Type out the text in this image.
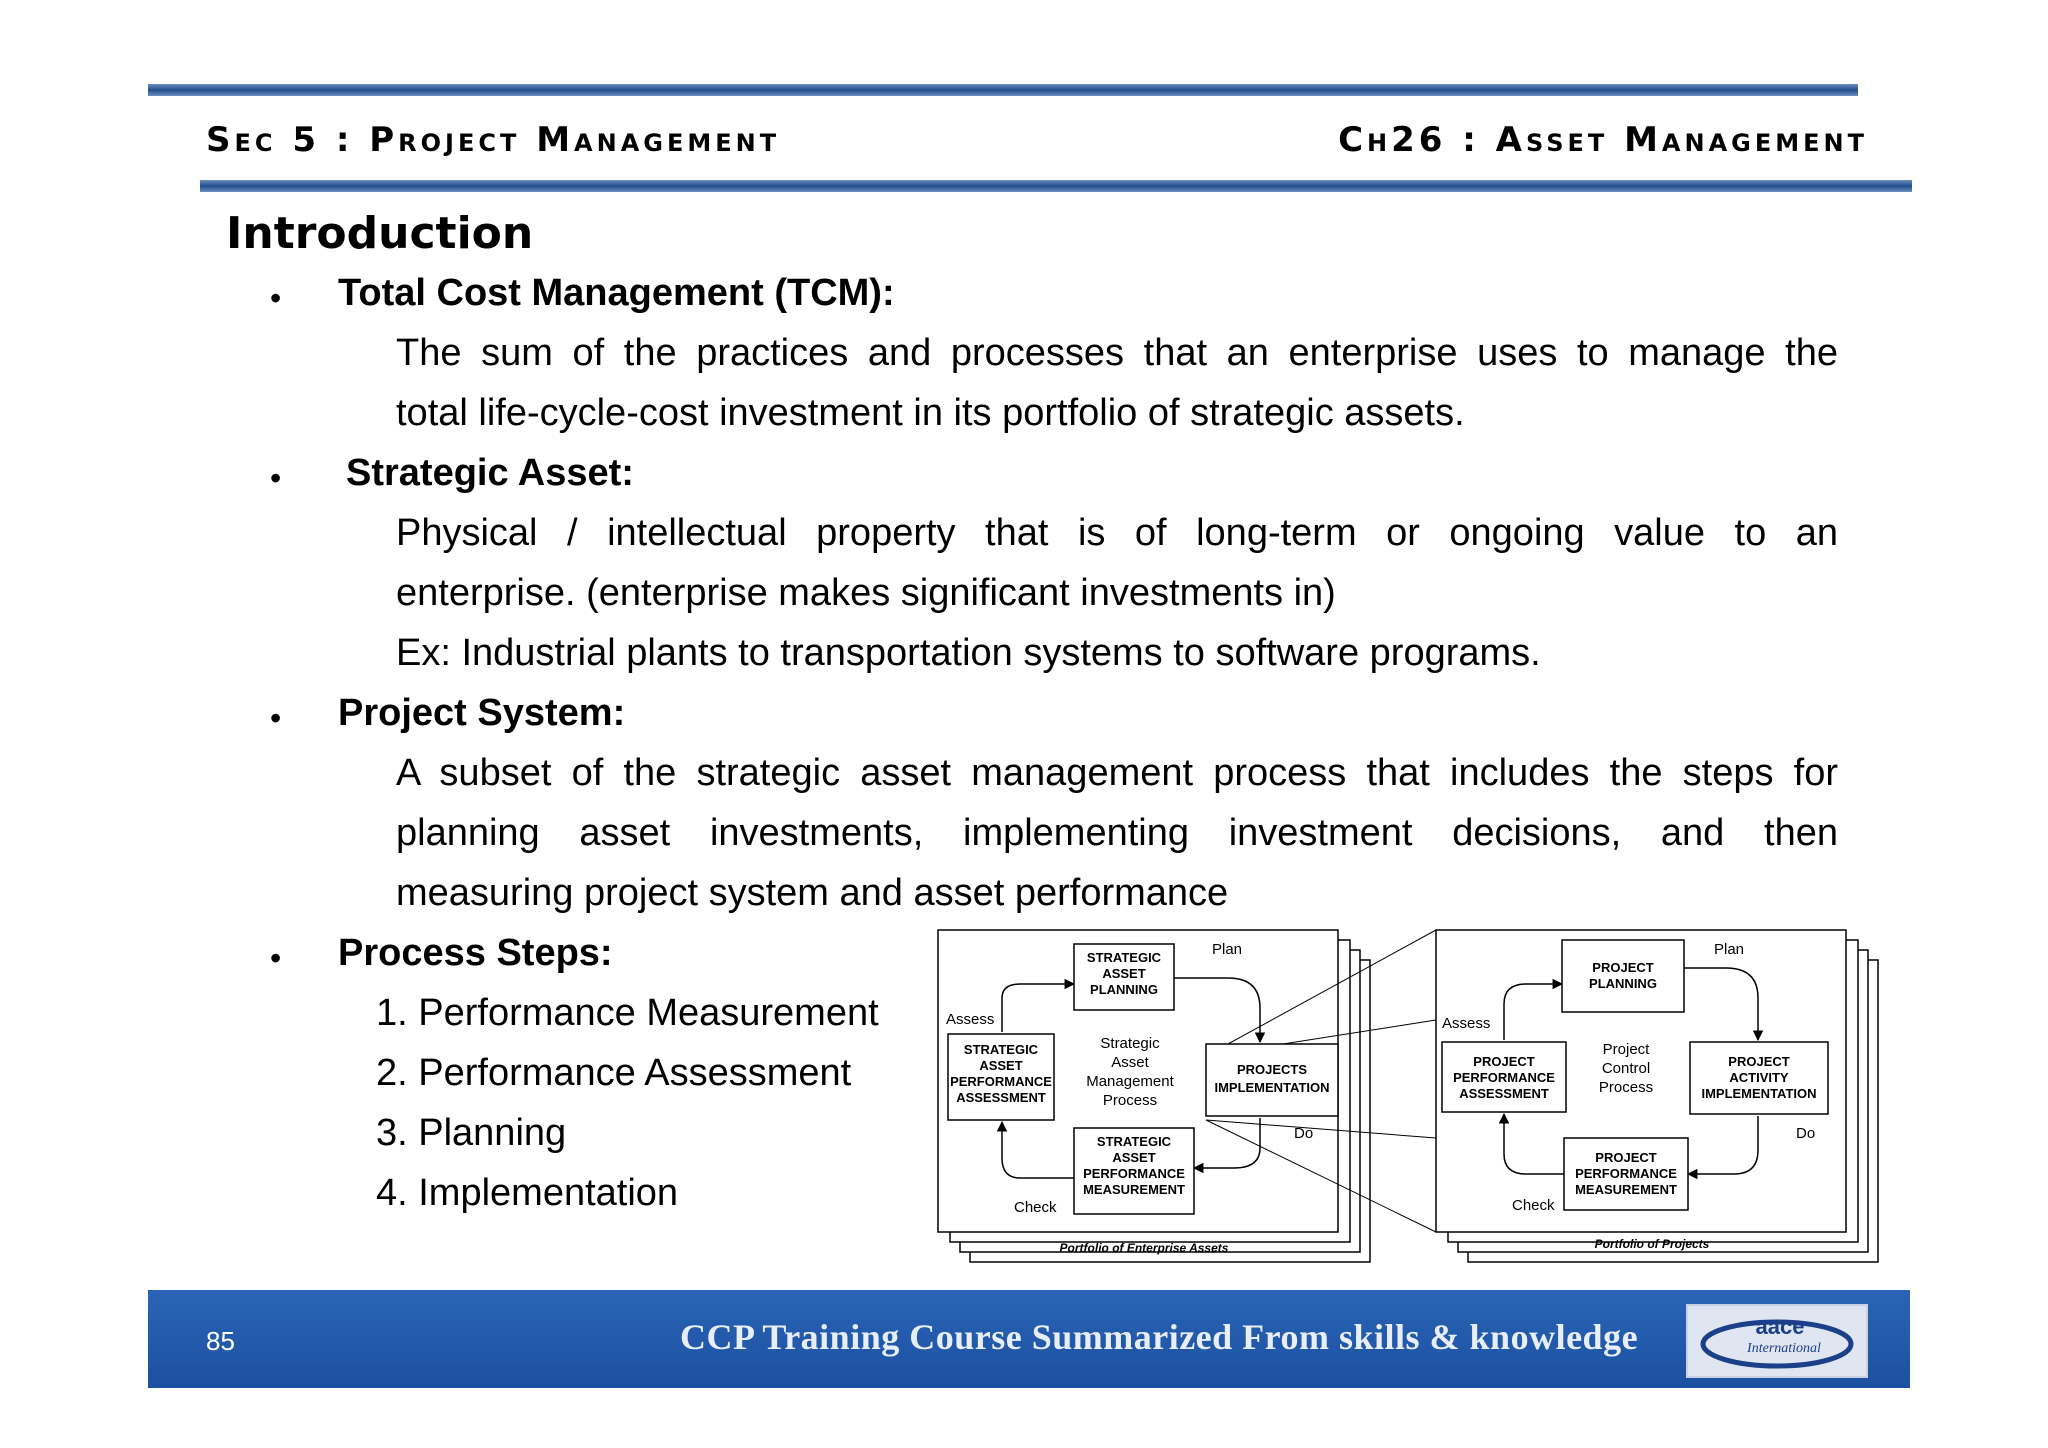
Sec 5 : Project Management	Ch26 : Asset Management
Introduction
• Total Cost Management (TCM):
The sum of the practices and processes that an enterprise uses to manage the
total life-cycle-cost investment in its portfolio of strategic assets.
• Strategic Asset:
Physical / intellectual property that is of long-term or ongoing value to an
enterprise. (enterprise makes significant investments in)
Ex: Industrial plants to transportation systems to software programs.
• Project System:
A subset of the strategic asset management process that includes the steps for
planning asset investments, implementing investment decisions, and then
measuring project system and asset performance
• Process Steps:
1. Performance Measurement
2. Performance Assessment
3. Planning
4. Implementation
STRATEGIC ASSET PLANNING
STRATEGIC ASSET PERFORMANCE ASSESSMENT
PROJECTS IMPLEMENTATION
STRATEGIC ASSET PERFORMANCE MEASUREMENT
Strategic Asset Management Process
Plan
Assess
Do
Check
Portfolio of Enterprise Assets
PROJECT PLANNING
PROJECT PERFORMANCE ASSESSMENT
PROJECT ACTIVITY IMPLEMENTATION
PROJECT PERFORMANCE MEASUREMENT
Project Control Process
Plan
Assess
Do
Check
Portfolio of Projects
85	CCP Training Course Summarized From skills & knowledge	aace
International
